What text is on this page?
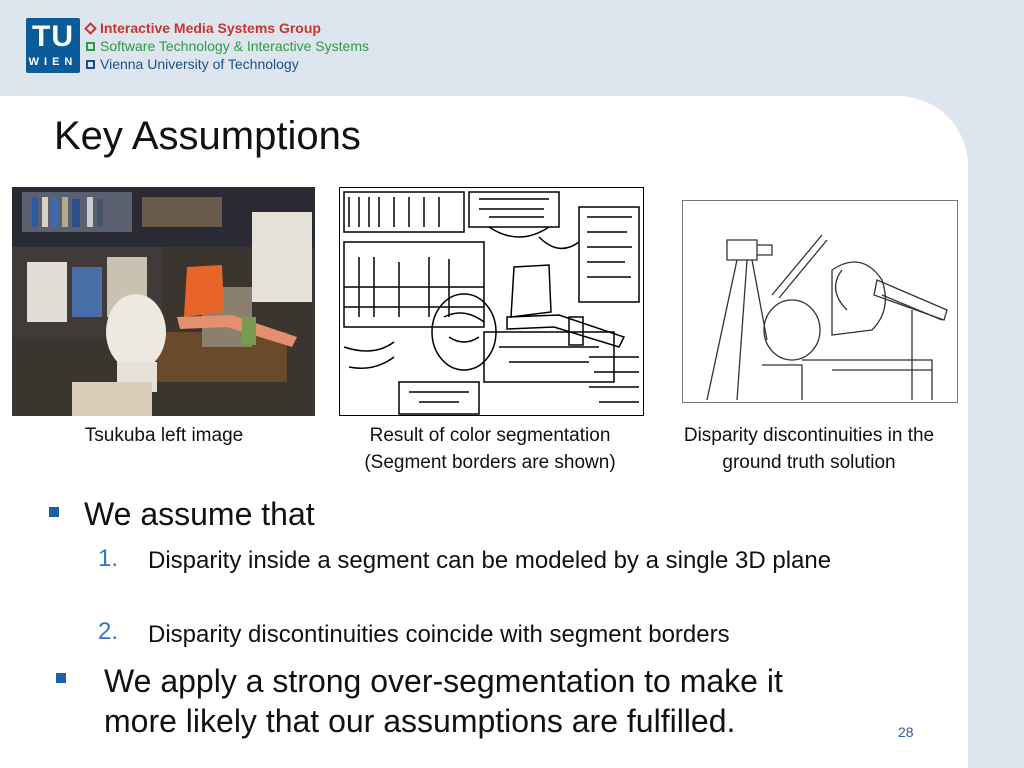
TU
WIEN
Interactive Media Systems Group
Software Technology & Interactive Systems
Vienna University of Technology
Key Assumptions
Tsukuba left image	Result of color segmentation (Segment borders are shown)
Disparity discontinuities in the ground truth solution
We assume that
1. Disparity inside a segment can be modeled by a single 3D plane
2. Disparity discontinuities coincide with segment borders
We apply a strong over-segmentation to make it more likely that our assumptions are fulfilled.	28
